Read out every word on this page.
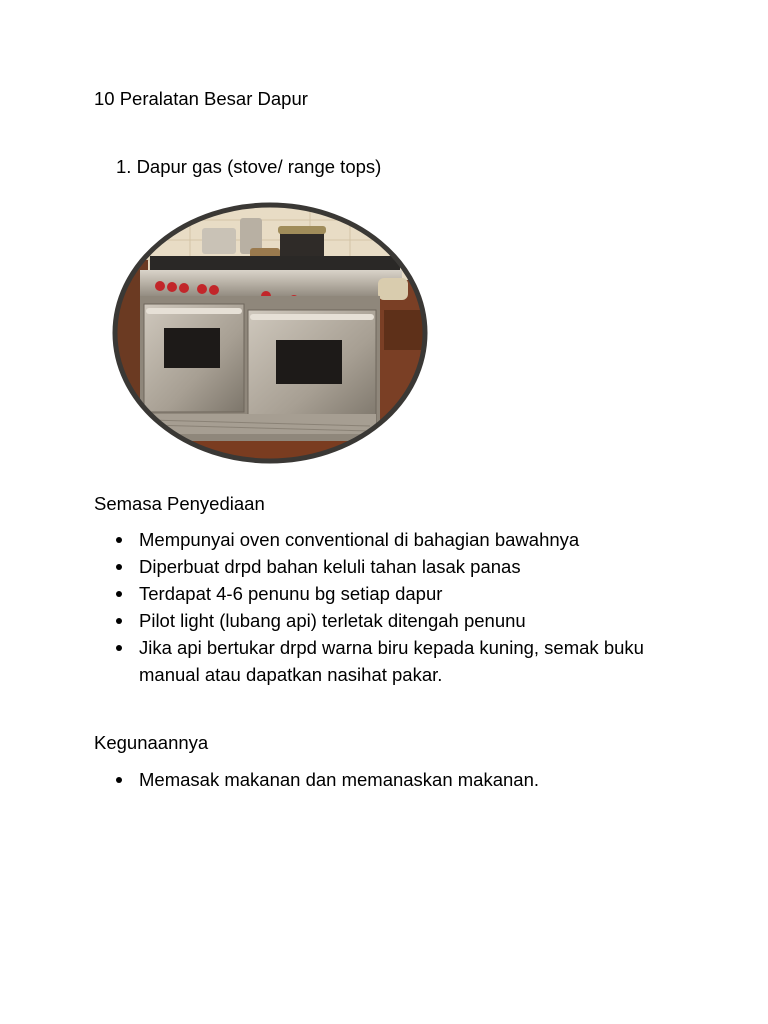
10 Peralatan Besar Dapur
1. Dapur gas (stove/ range tops)
Semasa Penyediaan
Mempunyai oven conventional di bahagian bawahnya
Diperbuat drpd bahan keluli tahan lasak panas
Terdapat 4-6 penunu bg setiap dapur
Pilot light (lubang api) terletak ditengah penunu
Jika api bertukar drpd warna biru kepada kuning, semak buku manual atau dapatkan nasihat pakar.
Kegunaannya
Memasak makanan dan memanaskan makanan.
